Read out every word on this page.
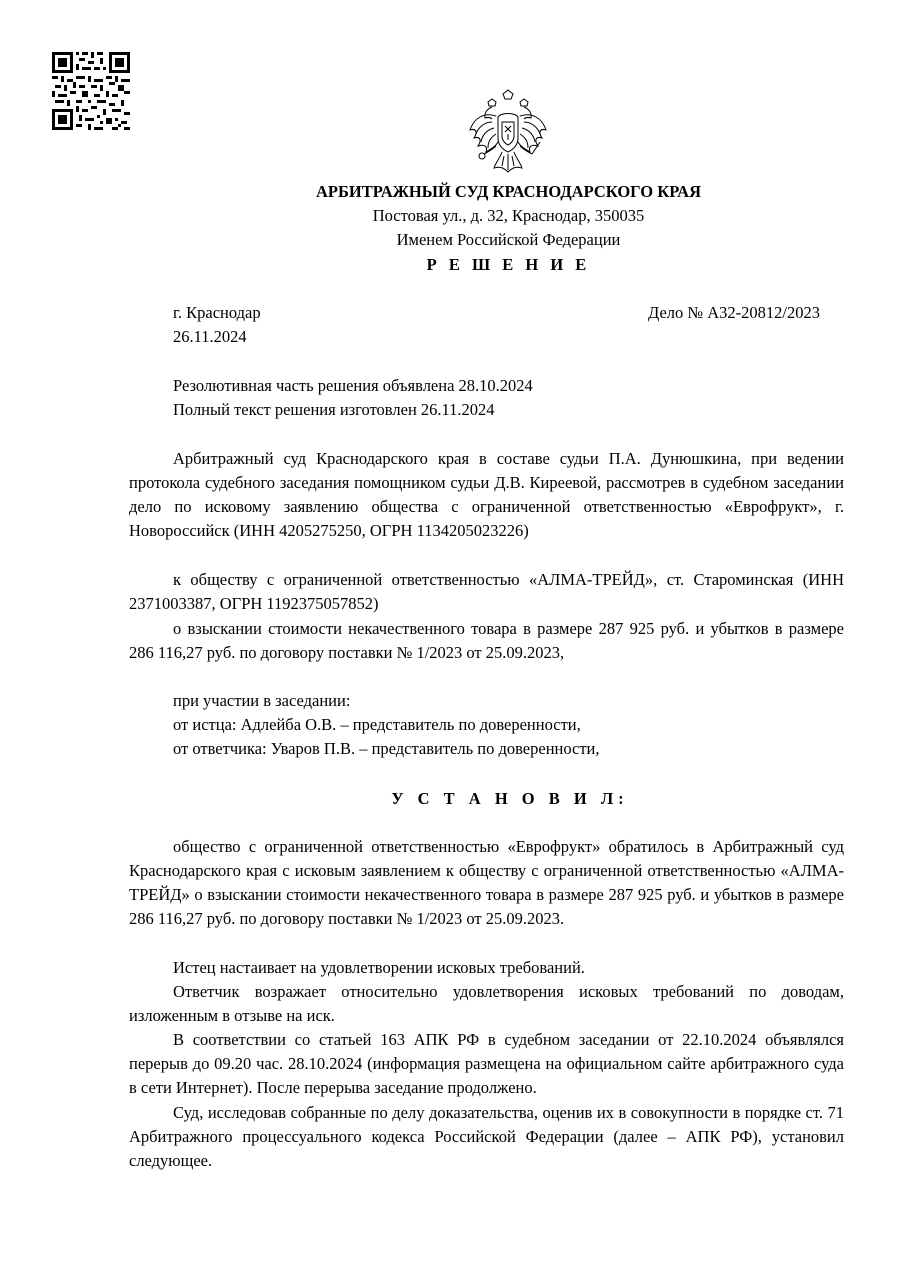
АРБИТРАЖНЫЙ СУД КРАСНОДАРСКОГО КРАЯ
Постовая ул., д. 32, Краснодар, 350035
Именем Российской Федерации
Р Е Ш Е Н И Е
г. Краснодар	Дело № А32-20812/2023
26.11.2024
Резолютивная часть решения объявлена 28.10.2024
Полный текст решения изготовлен 26.11.2024
Арбитражный суд Краснодарского края в составе судьи П.А. Дунюшкина, при ведении протокола судебного заседания помощником судьи Д.В. Киреевой, рассмотрев в судебном заседании дело по исковому заявлению общества с ограниченной ответственностью «Еврофрукт», г. Новороссийск (ИНН 4205275250, ОГРН 1134205023226)
к обществу с ограниченной ответственностью «АЛМА-ТРЕЙД», ст. Староминская (ИНН 2371003387, ОГРН 1192375057852)
о взыскании стоимости некачественного товара в размере 287 925 руб. и убытков в размере 286 116,27 руб. по договору поставки № 1/2023 от 25.09.2023,
при участии в заседании:
от истца: Адлейба О.В. – представитель по доверенности,
от ответчика: Уваров П.В. – представитель по доверенности,
У С Т А Н О В И Л:
общество с ограниченной ответственностью «Еврофрукт» обратилось в Арбитражный суд Краснодарского края с исковым заявлением к обществу с ограниченной ответственностью «АЛМА-ТРЕЙД» о взыскании стоимости некачественного товара в размере 287 925 руб. и убытков в размере 286 116,27 руб. по договору поставки № 1/2023 от 25.09.2023.
Истец настаивает на удовлетворении исковых требований.
Ответчик возражает относительно удовлетворения исковых требований по доводам, изложенным в отзыве на иск.
В соответствии со статьей 163 АПК РФ в судебном заседании от 22.10.2024 объявлялся перерыв до 09.20 час. 28.10.2024 (информация размещена на официальном сайте арбитражного суда в сети Интернет). После перерыва заседание продолжено.
Суд, исследовав собранные по делу доказательства, оценив их в совокупности в порядке ст. 71 Арбитражного процессуального кодекса Российской Федерации (далее – АПК РФ), установил следующее.
